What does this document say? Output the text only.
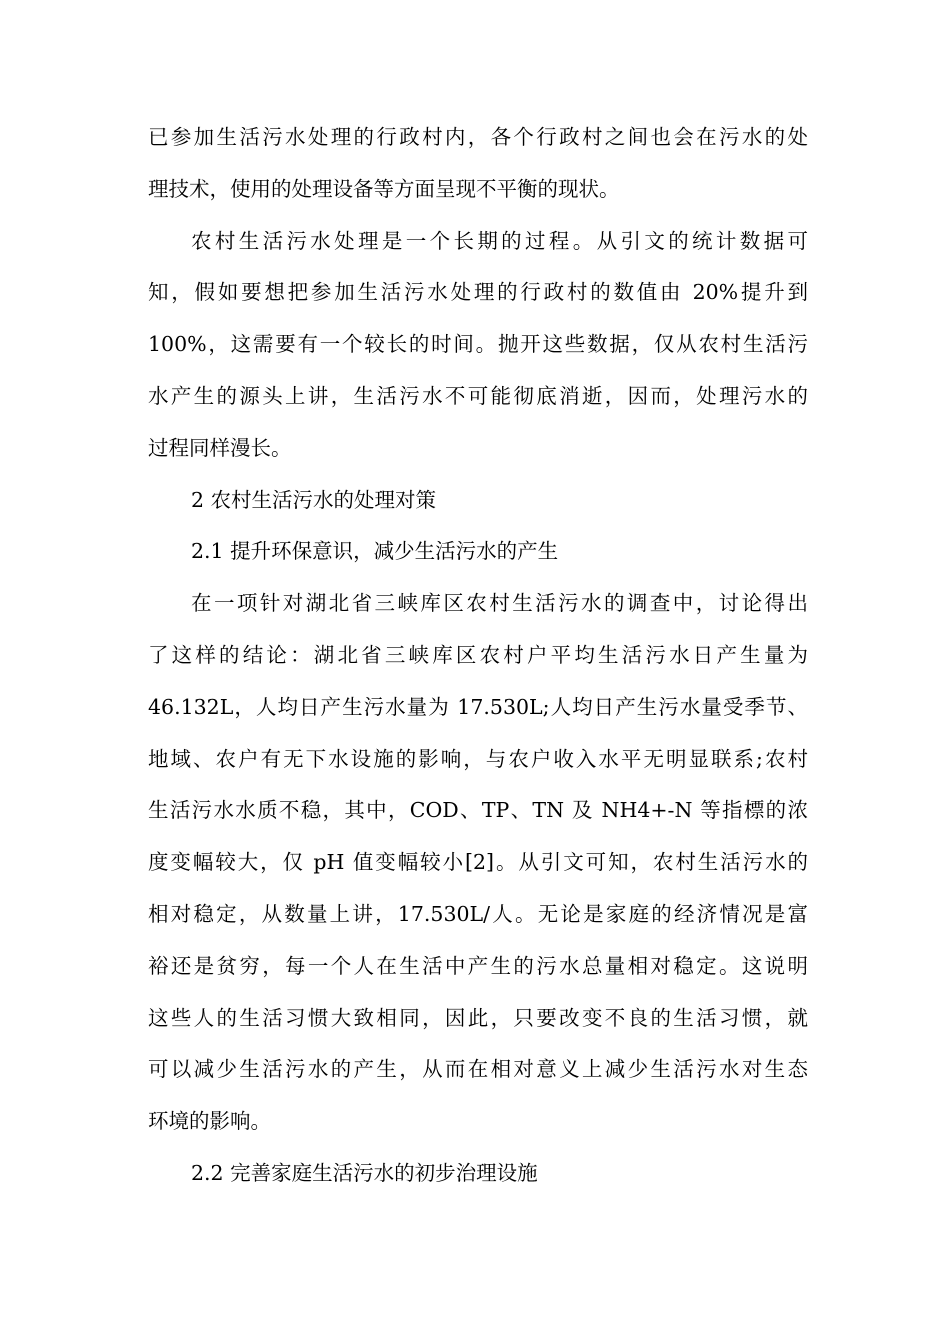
已参加生活污水处理的行政村内，各个行政村之间也会在污水的处
理技术，使用的处理设备等方面呈现不平衡的现状。
农村生活污水处理是一个长期的过程。从引文的统计数据可
知，假如要想把参加生活污水处理的行政村的数值由 20%提升到
100%，这需要有一个较长的时间。抛开这些数据，仅从农村生活污
水产生的源头上讲，生活污水不可能彻底消逝，因而，处理污水的
过程同样漫长。
2 农村生活污水的处理对策
2.1 提升环保意识，减少生活污水的产生
在一项针对湖北省三峡库区农村生活污水的调查中，讨论得出
了这样的结论：湖北省三峡库区农村户平均生活污水日产生量为
46.132L，人均日产生污水量为 17.530L;人均日产生污水量受季节、
地域、农户有无下水设施的影响，与农户收入水平无明显联系;农村
生活污水水质不稳，其中，COD、TP、TN 及 NH4+-N 等指標的浓
度变幅较大，仅 pH 值变幅较小[2]。从引文可知，农村生活污水的
相对稳定，从数量上讲，17.530L/人。无论是家庭的经济情况是富
裕还是贫穷，每一个人在生活中产生的污水总量相对稳定。这说明
这些人的生活习惯大致相同，因此，只要改变不良的生活习惯，就
可以减少生活污水的产生，从而在相对意义上减少生活污水对生态
环境的影响。
2.2 完善家庭生活污水的初步治理设施
